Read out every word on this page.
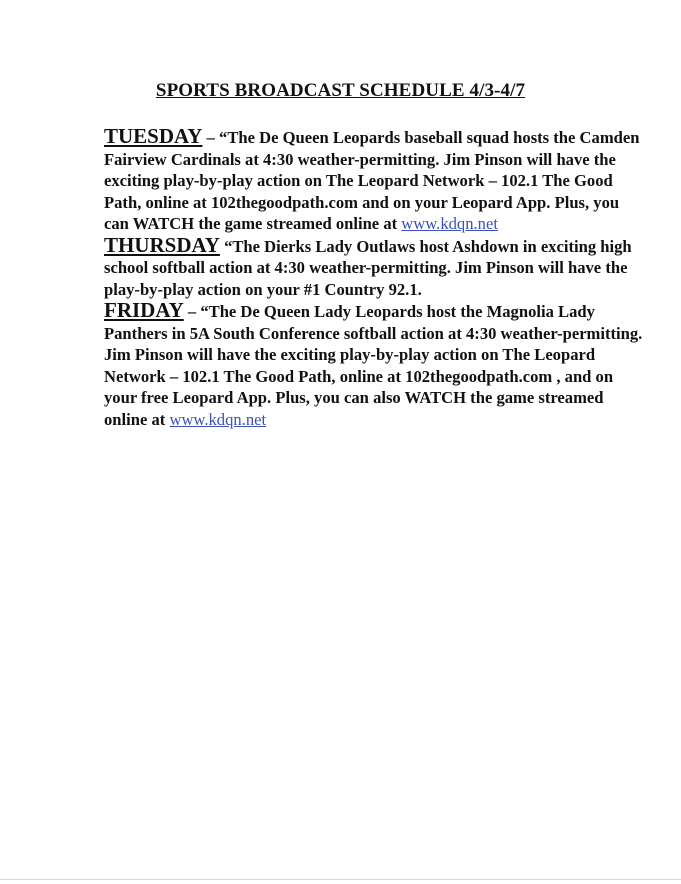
SPORTS BROADCAST SCHEDULE 4/3-4/7

TUESDAY – “The De Queen Leopards baseball squad hosts the Camden Fairview Cardinals at 4:30 weather-permitting. Jim Pinson will have the exciting play-by-play action on The Leopard Network – 102.1 The Good Path, online at 102thegoodpath.com and on your Leopard App. Plus, you can WATCH the game streamed online at www.kdqn.net

THURSDAY “The Dierks Lady Outlaws host Ashdown in exciting high school softball action at 4:30 weather-permitting. Jim Pinson will have the play-by-play action on your #1 Country 92.1.

FRIDAY – “The De Queen Lady Leopards host the Magnolia Lady Panthers in 5A South Conference softball action at 4:30 weather-permitting. Jim Pinson will have the exciting play-by-play action on The Leopard Network – 102.1 The Good Path, online at 102thegoodpath.com , and on your free Leopard App. Plus, you can also WATCH the game streamed online at www.kdqn.net
